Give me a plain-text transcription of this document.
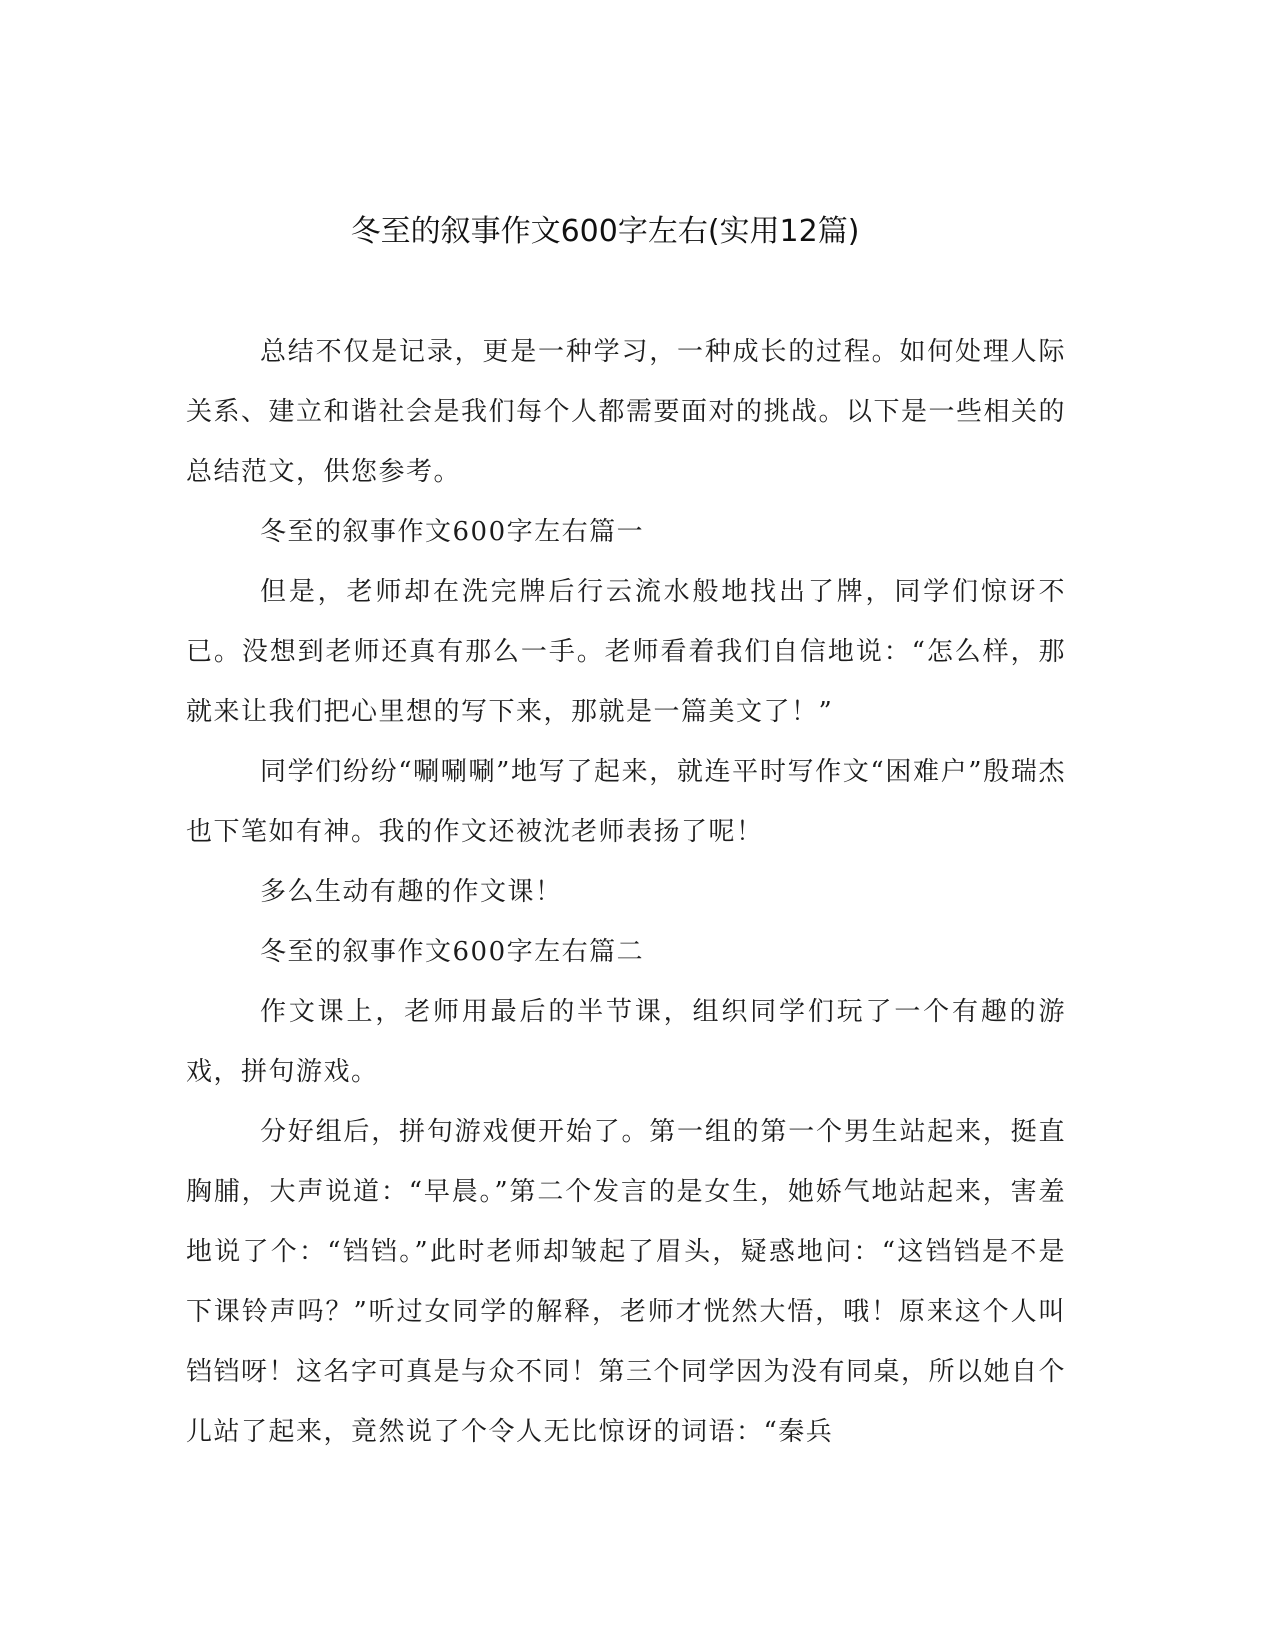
冬至的叙事作文600字左右(实用12篇)

总结不仅是记录，更是一种学习，一种成长的过程。如何处理人际关系、建立和谐社会是我们每个人都需要面对的挑战。以下是一些相关的总结范文，供您参考。

冬至的叙事作文600字左右篇一

但是，老师却在洗完牌后行云流水般地找出了牌，同学们惊讶不已。没想到老师还真有那么一手。老师看着我们自信地说：“怎么样，那就来让我们把心里想的写下来，那就是一篇美文了！”

同学们纷纷“唰唰唰”地写了起来，就连平时写作文“困难户”殷瑞杰也下笔如有神。我的作文还被沈老师表扬了呢！

多么生动有趣的作文课！

冬至的叙事作文600字左右篇二

作文课上，老师用最后的半节课，组织同学们玩了一个有趣的游戏，拼句游戏。

分好组后，拼句游戏便开始了。第一组的第一个男生站起来，挺直胸脯，大声说道：“早晨。”第二个发言的是女生，她娇气地站起来，害羞地说了个：“铛铛。”此时老师却皱起了眉头，疑惑地问：“这铛铛是不是下课铃声吗？”听过女同学的解释，老师才恍然大悟，哦！原来这个人叫铛铛呀！这名字可真是与众不同！第三个同学因为没有同桌，所以她自个儿站了起来，竟然说了个令人无比惊讶的词语：“秦兵
